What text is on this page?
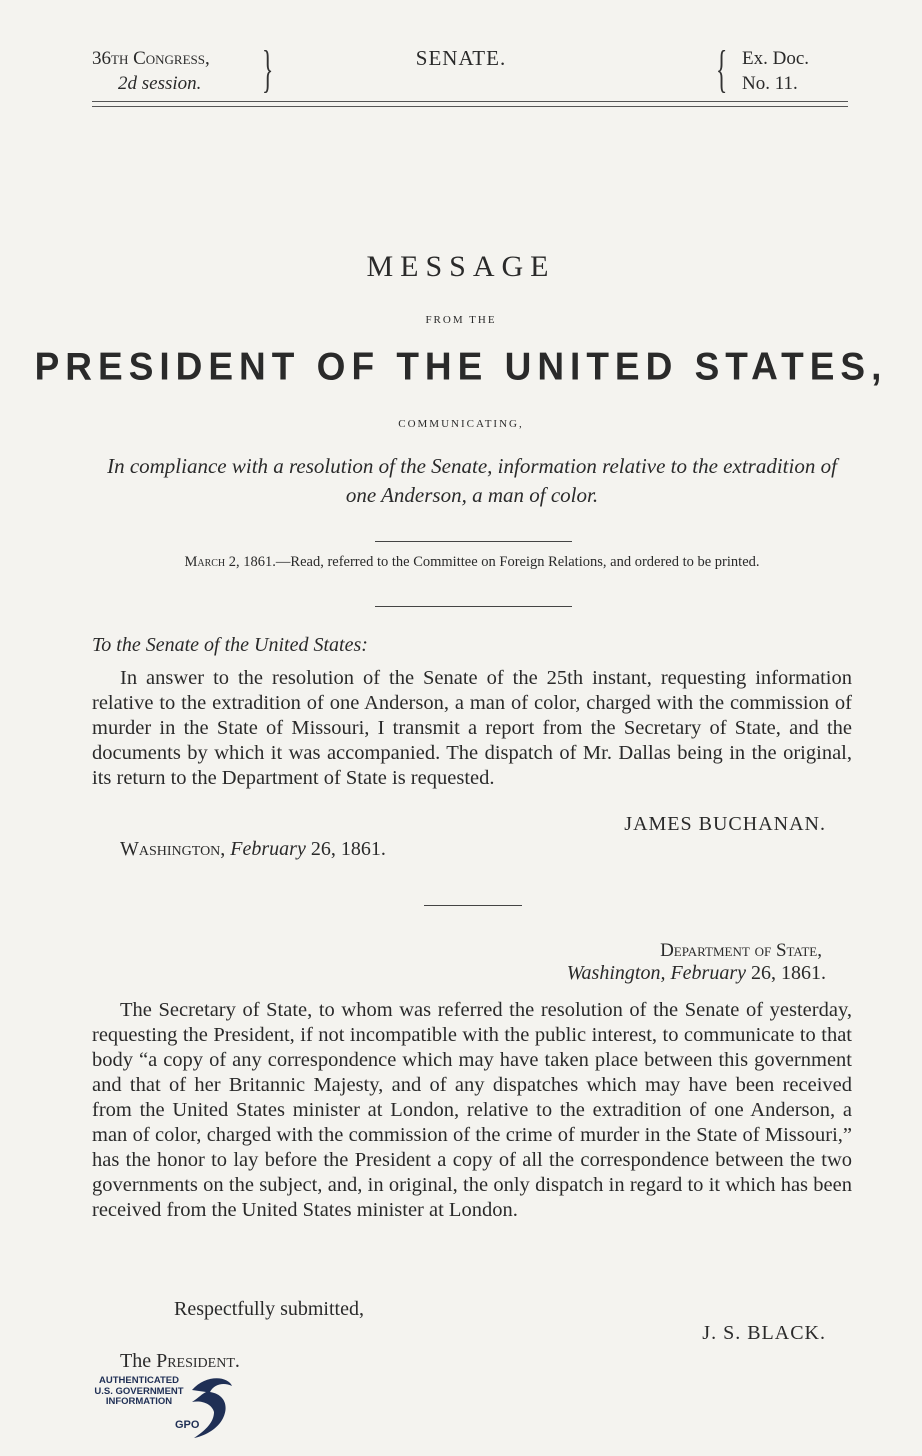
36th Congress,
2d session. }	SENATE.	{ Ex. Doc.
No. 11.
MESSAGE
FROM THE
PRESIDENT OF THE UNITED STATES,
COMMUNICATING,
In compliance with a resolution of the Senate, information relative to the extradition of one Anderson, a man of color.
March 2, 1861.—Read, referred to the Committee on Foreign Relations, and ordered to be printed.
To the Senate of the United States:
In answer to the resolution of the Senate of the 25th instant, requesting information relative to the extradition of one Anderson, a man of color, charged with the commission of murder in the State of Missouri, I transmit a report from the Secretary of State, and the documents by which it was accompanied. The dispatch of Mr. Dallas being in the original, its return to the Department of State is requested.
JAMES BUCHANAN.
Washington, February 26, 1861.
Department of State,
Washington, February 26, 1861.
The Secretary of State, to whom was referred the resolution of the Senate of yesterday, requesting the President, if not incompatible with the public interest, to communicate to that body “a copy of any correspondence which may have taken place between this government and that of her Britannic Majesty, and of any dispatches which may have been received from the United States minister at London, relative to the extradition of one Anderson, a man of color, charged with the commission of the crime of murder in the State of Missouri,” has the honor to lay before the President a copy of all the correspondence between the two governments on the subject, and, in original, the only dispatch in regard to it which has been received from the United States minister at London.
Respectfully submitted,
J. S. BLACK.
The President.
AUTHENTICATED
U.S. GOVERNMENT
INFORMATION
GPO
